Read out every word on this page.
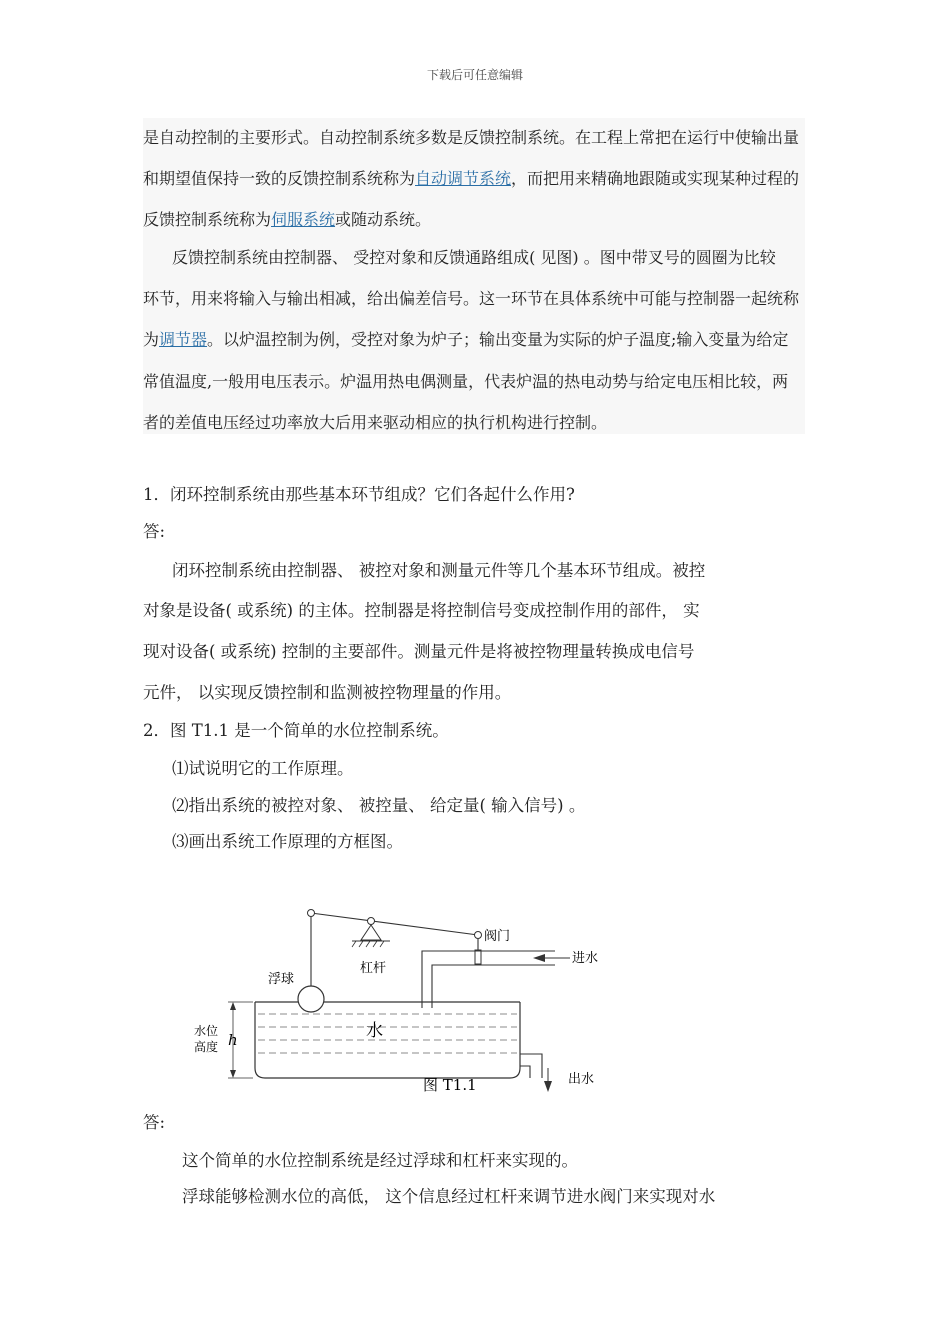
下载后可任意编辑
是自动控制的主要形式。自动控制系统多数是反馈控制系统。在工程上常把在运行中使输出量
和期望值保持一致的反馈控制系统称为自动调节系统，而把用来精确地跟随或实现某种过程的
反馈控制系统称为伺服系统或随动系统。
反馈控制系统由控制器、 受控对象和反馈通路组成( 见图) 。图中带叉号的圆圈为比较
环节，用来将输入与输出相减，给出偏差信号。这一环节在具体系统中可能与控制器一起统称
为调节器。以炉温控制为例，受控对象为炉子；输出变量为实际的炉子温度;输入变量为给定
常值温度,一般用电压表示。炉温用热电偶测量，代表炉温的热电动势与给定电压相比较，两
者的差值电压经过功率放大后用来驱动相应的执行机构进行控制。
1．闭环控制系统由那些基本环节组成？它们各起什么作用?
答:
闭环控制系统由控制器、 被控对象和测量元件等几个基本环节组成。被控
对象是设备( 或系统) 的主体。控制器是将控制信号变成控制作用的部件， 实
现对设备( 或系统) 控制的主要部件。测量元件是将被控物理量转换成电信号
元件， 以实现反馈控制和监测被控物理量的作用。
2．图 T1.1 是一个简单的水位控制系统。
⑴试说明它的工作原理。
⑵指出系统的被控对象、 被控量、 给定量( 输入信号) 。
⑶画出系统工作原理的方框图。
阀门
杠杆
浮球
进水
出水
水
水位
高度 h
图 T1.1
答:
这个简单的水位控制系统是经过浮球和杠杆来实现的。
浮球能够检测水位的高低， 这个信息经过杠杆来调节进水阀门来实现对水
